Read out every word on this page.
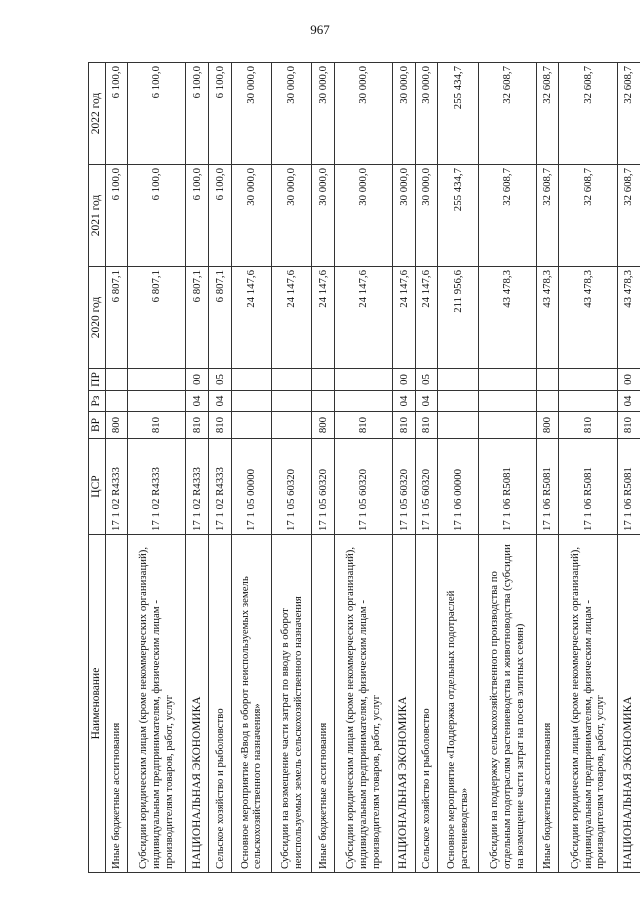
967
Наименование	ЦСР	ВР	Рз	ПР	2020 год	2021 год	2022 год
Иные бюджетные ассигнования	17 1 02 R4333	800			6 807,1	6 100,0	6 100,0
Субсидии юридическим лицам (кроме некоммерческих организаций), индивидуальным предпринимателям, физическим лицам - производителям товаров, работ, услуг	17 1 02 R4333	810			6 807,1	6 100,0	6 100,0
НАЦИОНАЛЬНАЯ ЭКОНОМИКА	17 1 02 R4333	810	04	00	6 807,1	6 100,0	6 100,0
Сельское хозяйство и рыболовство	17 1 02 R4333	810	04	05	6 807,1	6 100,0	6 100,0
Основное мероприятие «Ввод в оборот неиспользуемых земель сельскохозяйственного назначения»	17 1 05 00000				24 147,6	30 000,0	30 000,0
Субсидии на возмещение части затрат по вводу в оборот неиспользуемых земель сельскохозяйственного назначения	17 1 05 60320				24 147,6	30 000,0	30 000,0
Иные бюджетные ассигнования	17 1 05 60320	800			24 147,6	30 000,0	30 000,0
Субсидии юридическим лицам (кроме некоммерческих организаций), индивидуальным предпринимателям, физическим лицам - производителям товаров, работ, услуг	17 1 05 60320	810			24 147,6	30 000,0	30 000,0
НАЦИОНАЛЬНАЯ ЭКОНОМИКА	17 1 05 60320	810	04	00	24 147,6	30 000,0	30 000,0
Сельское хозяйство и рыболовство	17 1 05 60320	810	04	05	24 147,6	30 000,0	30 000,0
Основное мероприятие «Поддержка отдельных подотраслей растениеводства»	17 1 06 00000				211 956,6	255 434,7	255 434,7
Субсидии на поддержку сельскохозяйственного производства по отдельным подотраслям растениеводства и животноводства (субсидии на возмещение части затрат на посев элитных семян)	17 1 06 R5081				43 478,3	32 608,7	32 608,7
Иные бюджетные ассигнования	17 1 06 R5081	800			43 478,3	32 608,7	32 608,7
Субсидии юридическим лицам (кроме некоммерческих организаций), индивидуальным предпринимателям, физическим лицам - производителям товаров, работ, услуг	17 1 06 R5081	810			43 478,3	32 608,7	32 608,7
НАЦИОНАЛЬНАЯ ЭКОНОМИКА	17 1 06 R5081	810	04	00	43 478,3	32 608,7	32 608,7
